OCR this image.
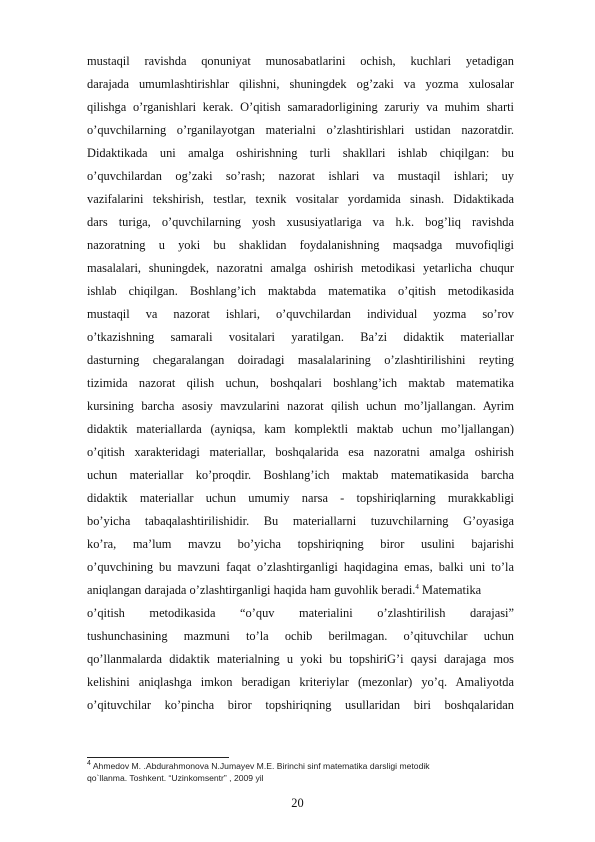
mustaqil ravishda qonuniyat munosabatlarini ochish, kuchlari yetadigan
darajada umumlashtirishlar qilishni, shuningdek og’zaki va yozma xulosalar
qilishga o’rganishlari kerak. O’qitish samaradorligining zaruriy va muhim sharti
o’quvchilarning o’rganilayotgan materialni o’zlashtirishlari ustidan nazoratdir.
Didaktikada uni amalga oshirishning turli shakllari ishlab chiqilgan: bu
o’quvchilardan og’zaki so’rash; nazorat ishlari va mustaqil ishlari; uy
vazifalarini tekshirish, testlar, texnik vositalar yordamida sinash. Didaktikada
dars turiga, o’quvchilarning yosh xususiyatlariga va h.k. bog’liq ravishda
nazoratning u yoki bu shaklidan foydalanishning maqsadga muvofiqligi
masalalari, shuningdek, nazoratni amalga oshirish metodikasi yetarlicha chuqur
ishlab chiqilgan. Boshlang’ich maktabda matematika o’qitish metodikasida
mustaqil va nazorat ishlari, o’quvchilardan individual yozma so’rov
o’tkazishning samarali vositalari yaratilgan. Ba’zi didaktik materiallar
dasturning chegaralangan doiradagi masalalarining o’zlashtirilishini reyting
tizimida nazorat qilish uchun, boshqalari boshlang’ich maktab matematika
kursining barcha asosiy mavzularini nazorat qilish uchun mo’ljallangan. Ayrim
didaktik materiallarda (ayniqsa, kam komplektli maktab uchun mo’ljallangan)
o’qitish xarakteridagi materiallar, boshqalarida esa nazoratni amalga oshirish
uchun materiallar ko’proqdir. Boshlang’ich maktab matematikasida barcha
didaktik materiallar uchun umumiy narsa - topshiriqlarning murakkabligi
bo’yicha tabaqalashtirilishidir. Bu materiallarni tuzuvchilarning G’oyasiga
ko’ra, ma’lum mavzu bo’yicha topshiriqning biror usulini bajarishi
o’quvchining bu mavzuni faqat o’zlashtirganligi haqidagina emas, balki uni to’la
aniqlangan darajada o’zlashtirganligi haqida ham guvohlik beradi.$^4$ Matematika
o’qitish metodikasida “o’quv materialini o’zlashtirilish darajasi”
tushunchasining mazmuni to’la ochib berilmagan. o’qituvchilar uchun
qo’llanmalarda didaktik materialning u yoki bu topshiriG’i qaysi darajaga mos
kelishini aniqlashga imkon beradigan kriteriylar (mezonlar) yo’q. Amaliyotda
o’qituvchilar ko’pincha biror topshiriqning usullaridan biri boshqalaridan
$^4$ Ahmedov M. .Abdurahmonova N.Jumayev M.E. Birinchi sinf matematika darsligi metodik
qo`llanma. Toshkent. “Uzinkomsentr” , 2009 yil
20
